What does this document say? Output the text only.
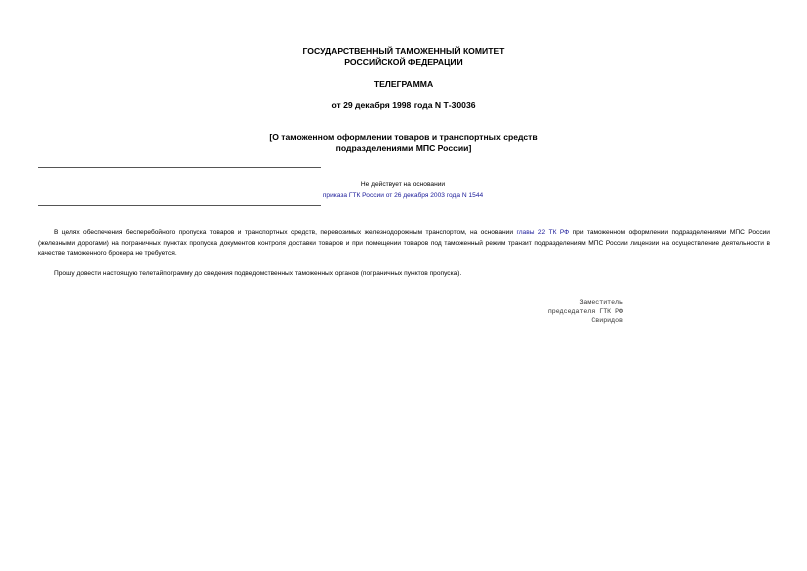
ГОСУДАРСТВЕННЫЙ ТАМОЖЕННЫЙ КОМИТЕТ
РОССИЙСКОЙ ФЕДЕРАЦИИ
ТЕЛЕГРАММА
от 29 декабря 1998 года N Т-30036
[О таможенном оформлении товаров и транспортных средств
подразделениями МПС России]
Не действует на основании
приказа ГТК России от 26 декабря 2003 года N 1544
В целях обеспечения бесперебойного пропуска товаров и транспортных средств, перевозимых железнодорожным транспортом, на основании главы 22 ТК РФ при таможенном оформлении подразделениями МПС России (железными дорогами) на пограничных пунктах пропуска документов контроля доставки товаров и при помещении товаров под таможенный режим транзит подразделениям МПС России лицензии на осуществление деятельности в качестве таможенного брокера не требуется.
Прошу довести настоящую телетайпограмму до сведения подведомственных таможенных органов (пограничных пунктов пропуска).
Заместитель
председателя ГТК РФ
Свиридов
